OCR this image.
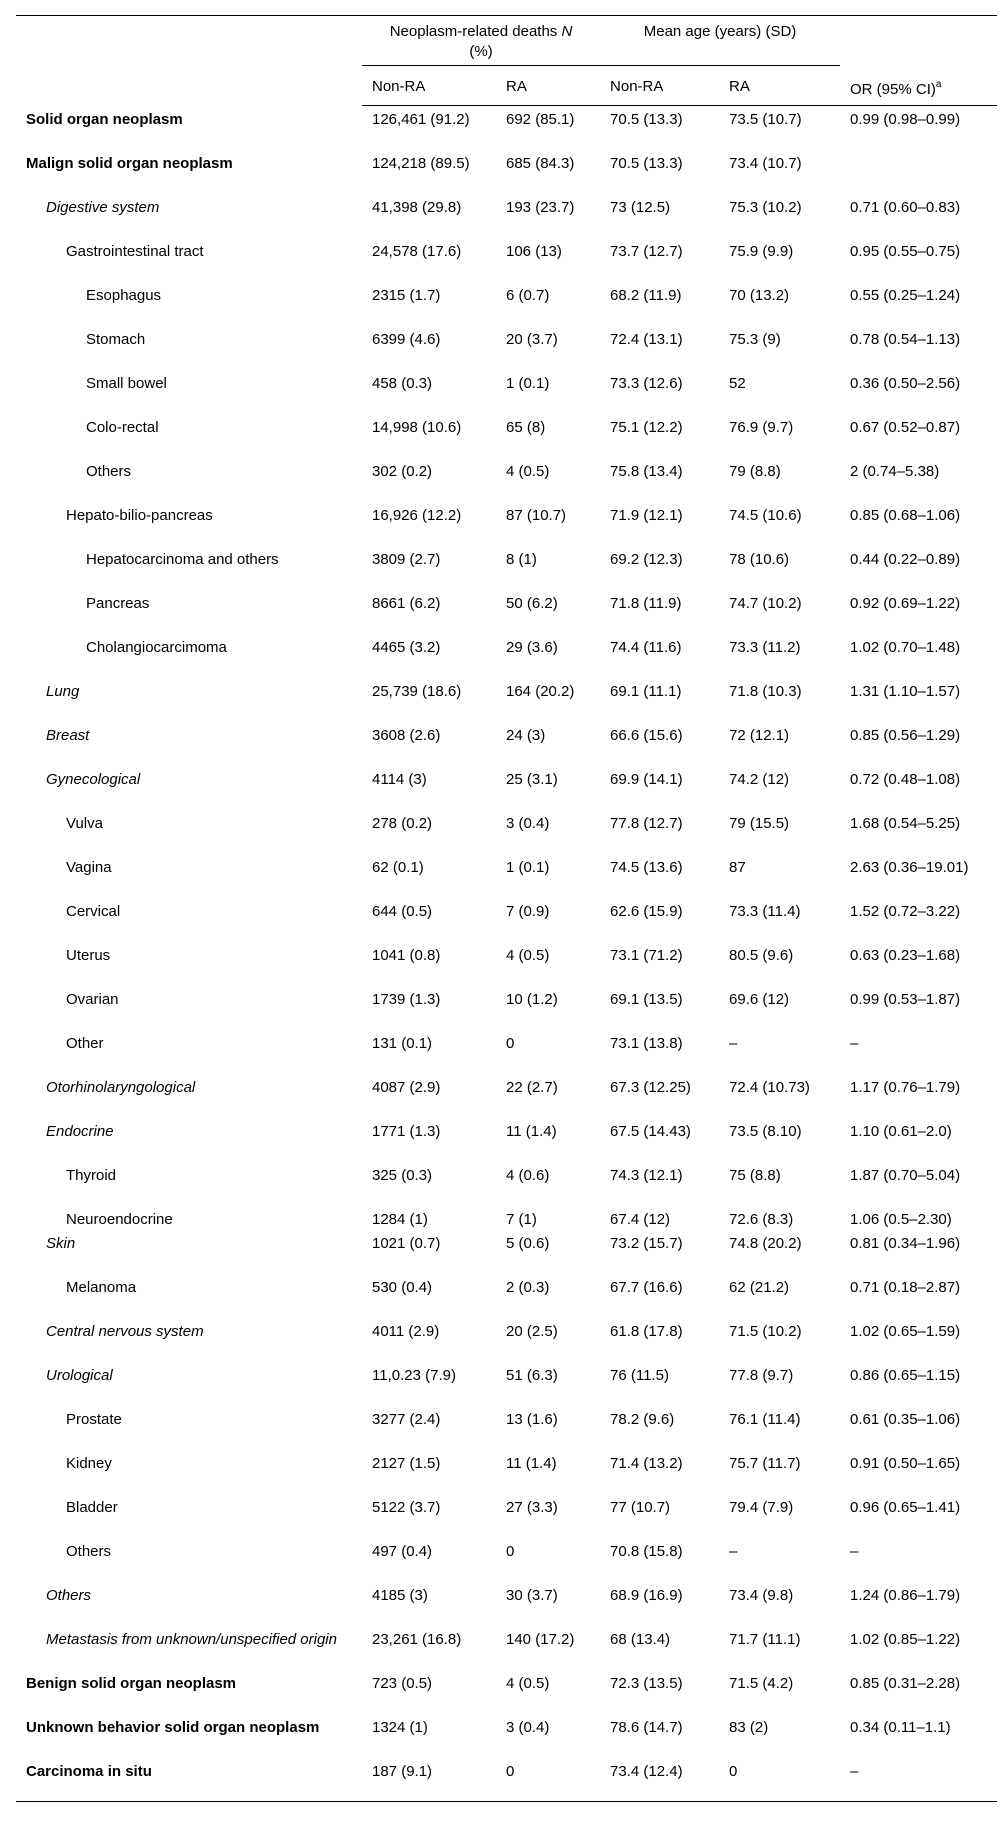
	Neoplasm-related deaths N
(%)		Mean age (years) (SD)		
	Non-RA	RA	Non-RA	RA	OR (95% CI)$^a$
Solid organ neoplasm	126,461 (91.2)	692 (85.1)	70.5 (13.3)	73.5 (10.7)	0.99 (0.98–0.99)
Malign solid organ neoplasm	124,218 (89.5)	685 (84.3)	70.5 (13.3)	73.4 (10.7)	
Digestive system	41,398 (29.8)	193 (23.7)	73 (12.5)	75.3 (10.2)	0.71 (0.60–0.83)
Gastrointestinal tract	24,578 (17.6)	106 (13)	73.7 (12.7)	75.9 (9.9)	0.95 (0.55–0.75)
Esophagus	2315 (1.7)	6 (0.7)	68.2 (11.9)	70 (13.2)	0.55 (0.25–1.24)
Stomach	6399 (4.6)	20 (3.7)	72.4 (13.1)	75.3 (9)	0.78 (0.54–1.13)
Small bowel	458 (0.3)	1 (0.1)	73.3 (12.6)	52	0.36 (0.50–2.56)
Colo-rectal	14,998 (10.6)	65 (8)	75.1 (12.2)	76.9 (9.7)	0.67 (0.52–0.87)
Others	302 (0.2)	4 (0.5)	75.8 (13.4)	79 (8.8)	2 (0.74–5.38)
Hepato-bilio-pancreas	16,926 (12.2)	87 (10.7)	71.9 (12.1)	74.5 (10.6)	0.85 (0.68–1.06)
Hepatocarcinoma and others	3809 (2.7)	8 (1)	69.2 (12.3)	78 (10.6)	0.44 (0.22–0.89)
Pancreas	8661 (6.2)	50 (6.2)	71.8 (11.9)	74.7 (10.2)	0.92 (0.69–1.22)
Cholangiocarcimoma	4465 (3.2)	29 (3.6)	74.4 (11.6)	73.3 (11.2)	1.02 (0.70–1.48)
Lung	25,739 (18.6)	164 (20.2)	69.1 (11.1)	71.8 (10.3)	1.31 (1.10–1.57)
Breast	3608 (2.6)	24 (3)	66.6 (15.6)	72 (12.1)	0.85 (0.56–1.29)
Gynecological	4114 (3)	25 (3.1)	69.9 (14.1)	74.2 (12)	0.72 (0.48–1.08)
Vulva	278 (0.2)	3 (0.4)	77.8 (12.7)	79 (15.5)	1.68 (0.54–5.25)
Vagina	62 (0.1)	1 (0.1)	74.5 (13.6)	87	2.63 (0.36–19.01)
Cervical	644 (0.5)	7 (0.9)	62.6 (15.9)	73.3 (11.4)	1.52 (0.72–3.22)
Uterus	1041 (0.8)	4 (0.5)	73.1 (71.2)	80.5 (9.6)	0.63 (0.23–1.68)
Ovarian	1739 (1.3)	10 (1.2)	69.1 (13.5)	69.6 (12)	0.99 (0.53–1.87)
Other	131 (0.1)	0	73.1 (13.8)	–	–
Otorhinolaryngological	4087 (2.9)	22 (2.7)	67.3 (12.25)	72.4 (10.73)	1.17 (0.76–1.79)
Endocrine	1771 (1.3)	11 (1.4)	67.5 (14.43)	73.5 (8.10)	1.10 (0.61–2.0)
Thyroid	325 (0.3)	4 (0.6)	74.3 (12.1)	75 (8.8)	1.87 (0.70–5.04)
Neuroendocrine	1284 (1)	7 (1)	67.4 (12)	72.6 (8.3)	1.06 (0.5–2.30)
Skin	1021 (0.7)	5 (0.6)	73.2 (15.7)	74.8 (20.2)	0.81 (0.34–1.96)
Melanoma	530 (0.4)	2 (0.3)	67.7 (16.6)	62 (21.2)	0.71 (0.18–2.87)
Central nervous system	4011 (2.9)	20 (2.5)	61.8 (17.8)	71.5 (10.2)	1.02 (0.65–1.59)
Urological	11,0.23 (7.9)	51 (6.3)	76 (11.5)	77.8 (9.7)	0.86 (0.65–1.15)
Prostate	3277 (2.4)	13 (1.6)	78.2 (9.6)	76.1 (11.4)	0.61 (0.35–1.06)
Kidney	2127 (1.5)	11 (1.4)	71.4 (13.2)	75.7 (11.7)	0.91 (0.50–1.65)
Bladder	5122 (3.7)	27 (3.3)	77 (10.7)	79.4 (7.9)	0.96 (0.65–1.41)
Others	497 (0.4)	0	70.8 (15.8)	–	–
Others	4185 (3)	30 (3.7)	68.9 (16.9)	73.4 (9.8)	1.24 (0.86–1.79)
Metastasis from unknown/unspecified origin	23,261 (16.8)	140 (17.2)	68 (13.4)	71.7 (11.1)	1.02 (0.85–1.22)
Benign solid organ neoplasm	723 (0.5)	4 (0.5)	72.3 (13.5)	71.5 (4.2)	0.85 (0.31–2.28)
Unknown behavior solid organ neoplasm	1324 (1)	3 (0.4)	78.6 (14.7)	83 (2)	0.34 (0.11–1.1)
Carcinoma in situ	187 (9.1)	0	73.4 (12.4)	0	–
